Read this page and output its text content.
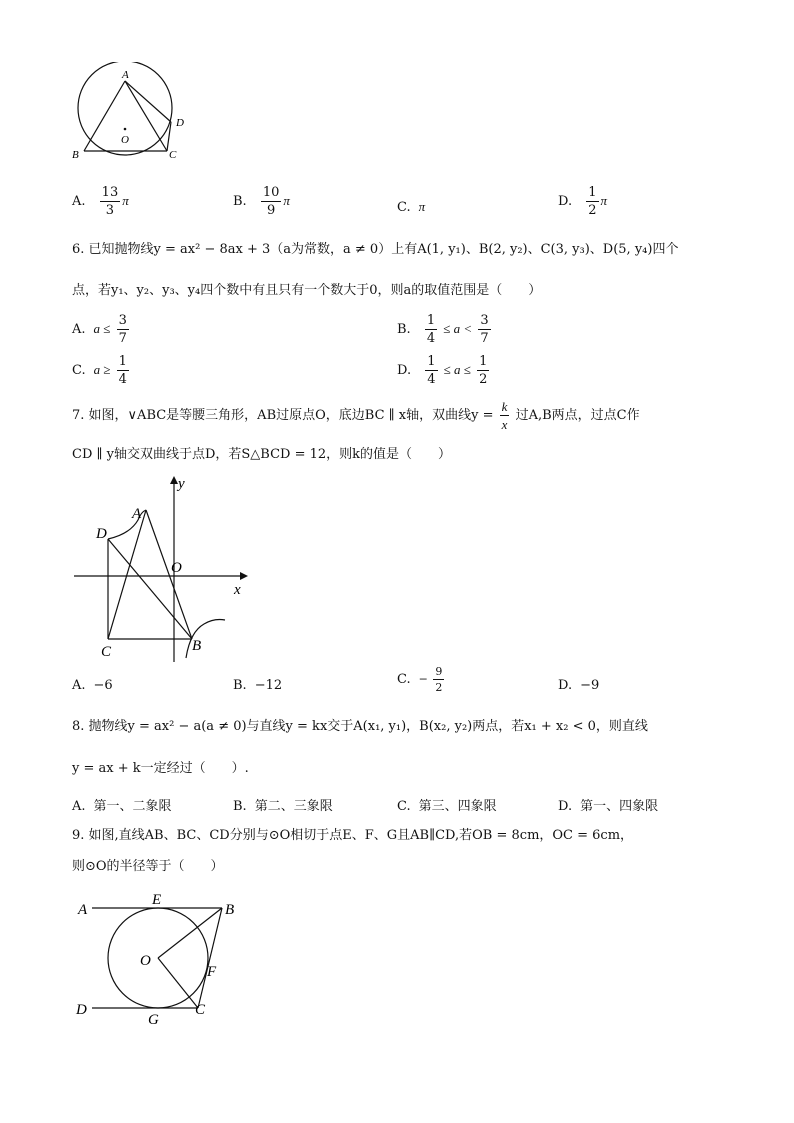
A
D
O
B	C
A. $\frac{13}{3}$ π	B. $\frac{10}{9}$ π	C. π	D. $\frac{1}{2}$ π
6. 已知抛物线y = ax² − 8ax + 3（a为常数，a ≠ 0）上有A(1, y₁)、B(2, y₂)、C(3, y₃)、D(5, y₄)四个
点，若y₁、y₂、y₃、y₄四个数中有且只有一个数大于0，则a的取值范围是（　　）
A. $a \le \frac{3}{7}$	B. $\frac{1}{4} \le a < \frac{3}{7}$
C. $a \ge \frac{1}{4}$	D. $\frac{1}{4} \le a \le \frac{1}{2}$
7. 如图，∨ABC是等腰三角形，AB过原点O，底边BC ∥ x轴，双曲线$y = \frac{k}{x}$ 过A,B两点，过点C作
CD ∥ y轴交双曲线于点D，若S△BCD = 12，则k的值是（　　）
y
x
A
D
O
B
C
A. −6	B. −12	C. − $\frac{9}{2}$	D. −9
8. 抛物线y = ax² − a(a ≠ 0)与直线y = kx交于A(x₁, y₁)，B(x₂, y₂)两点，若x₁ + x₂ < 0，则直线
y = ax + k一定经过（　　）.
A. 第一、二象限	B. 第二、三象限	C. 第三、四象限	D. 第一、四象限
9. 如图,直线AB、BC、CD分别与⊙O相切于点E、F、G且AB∥CD,若OB = 8cm，OC = 6cm，
则⊙O的半径等于（　　）
A
E
B
O
F
D
G
C
